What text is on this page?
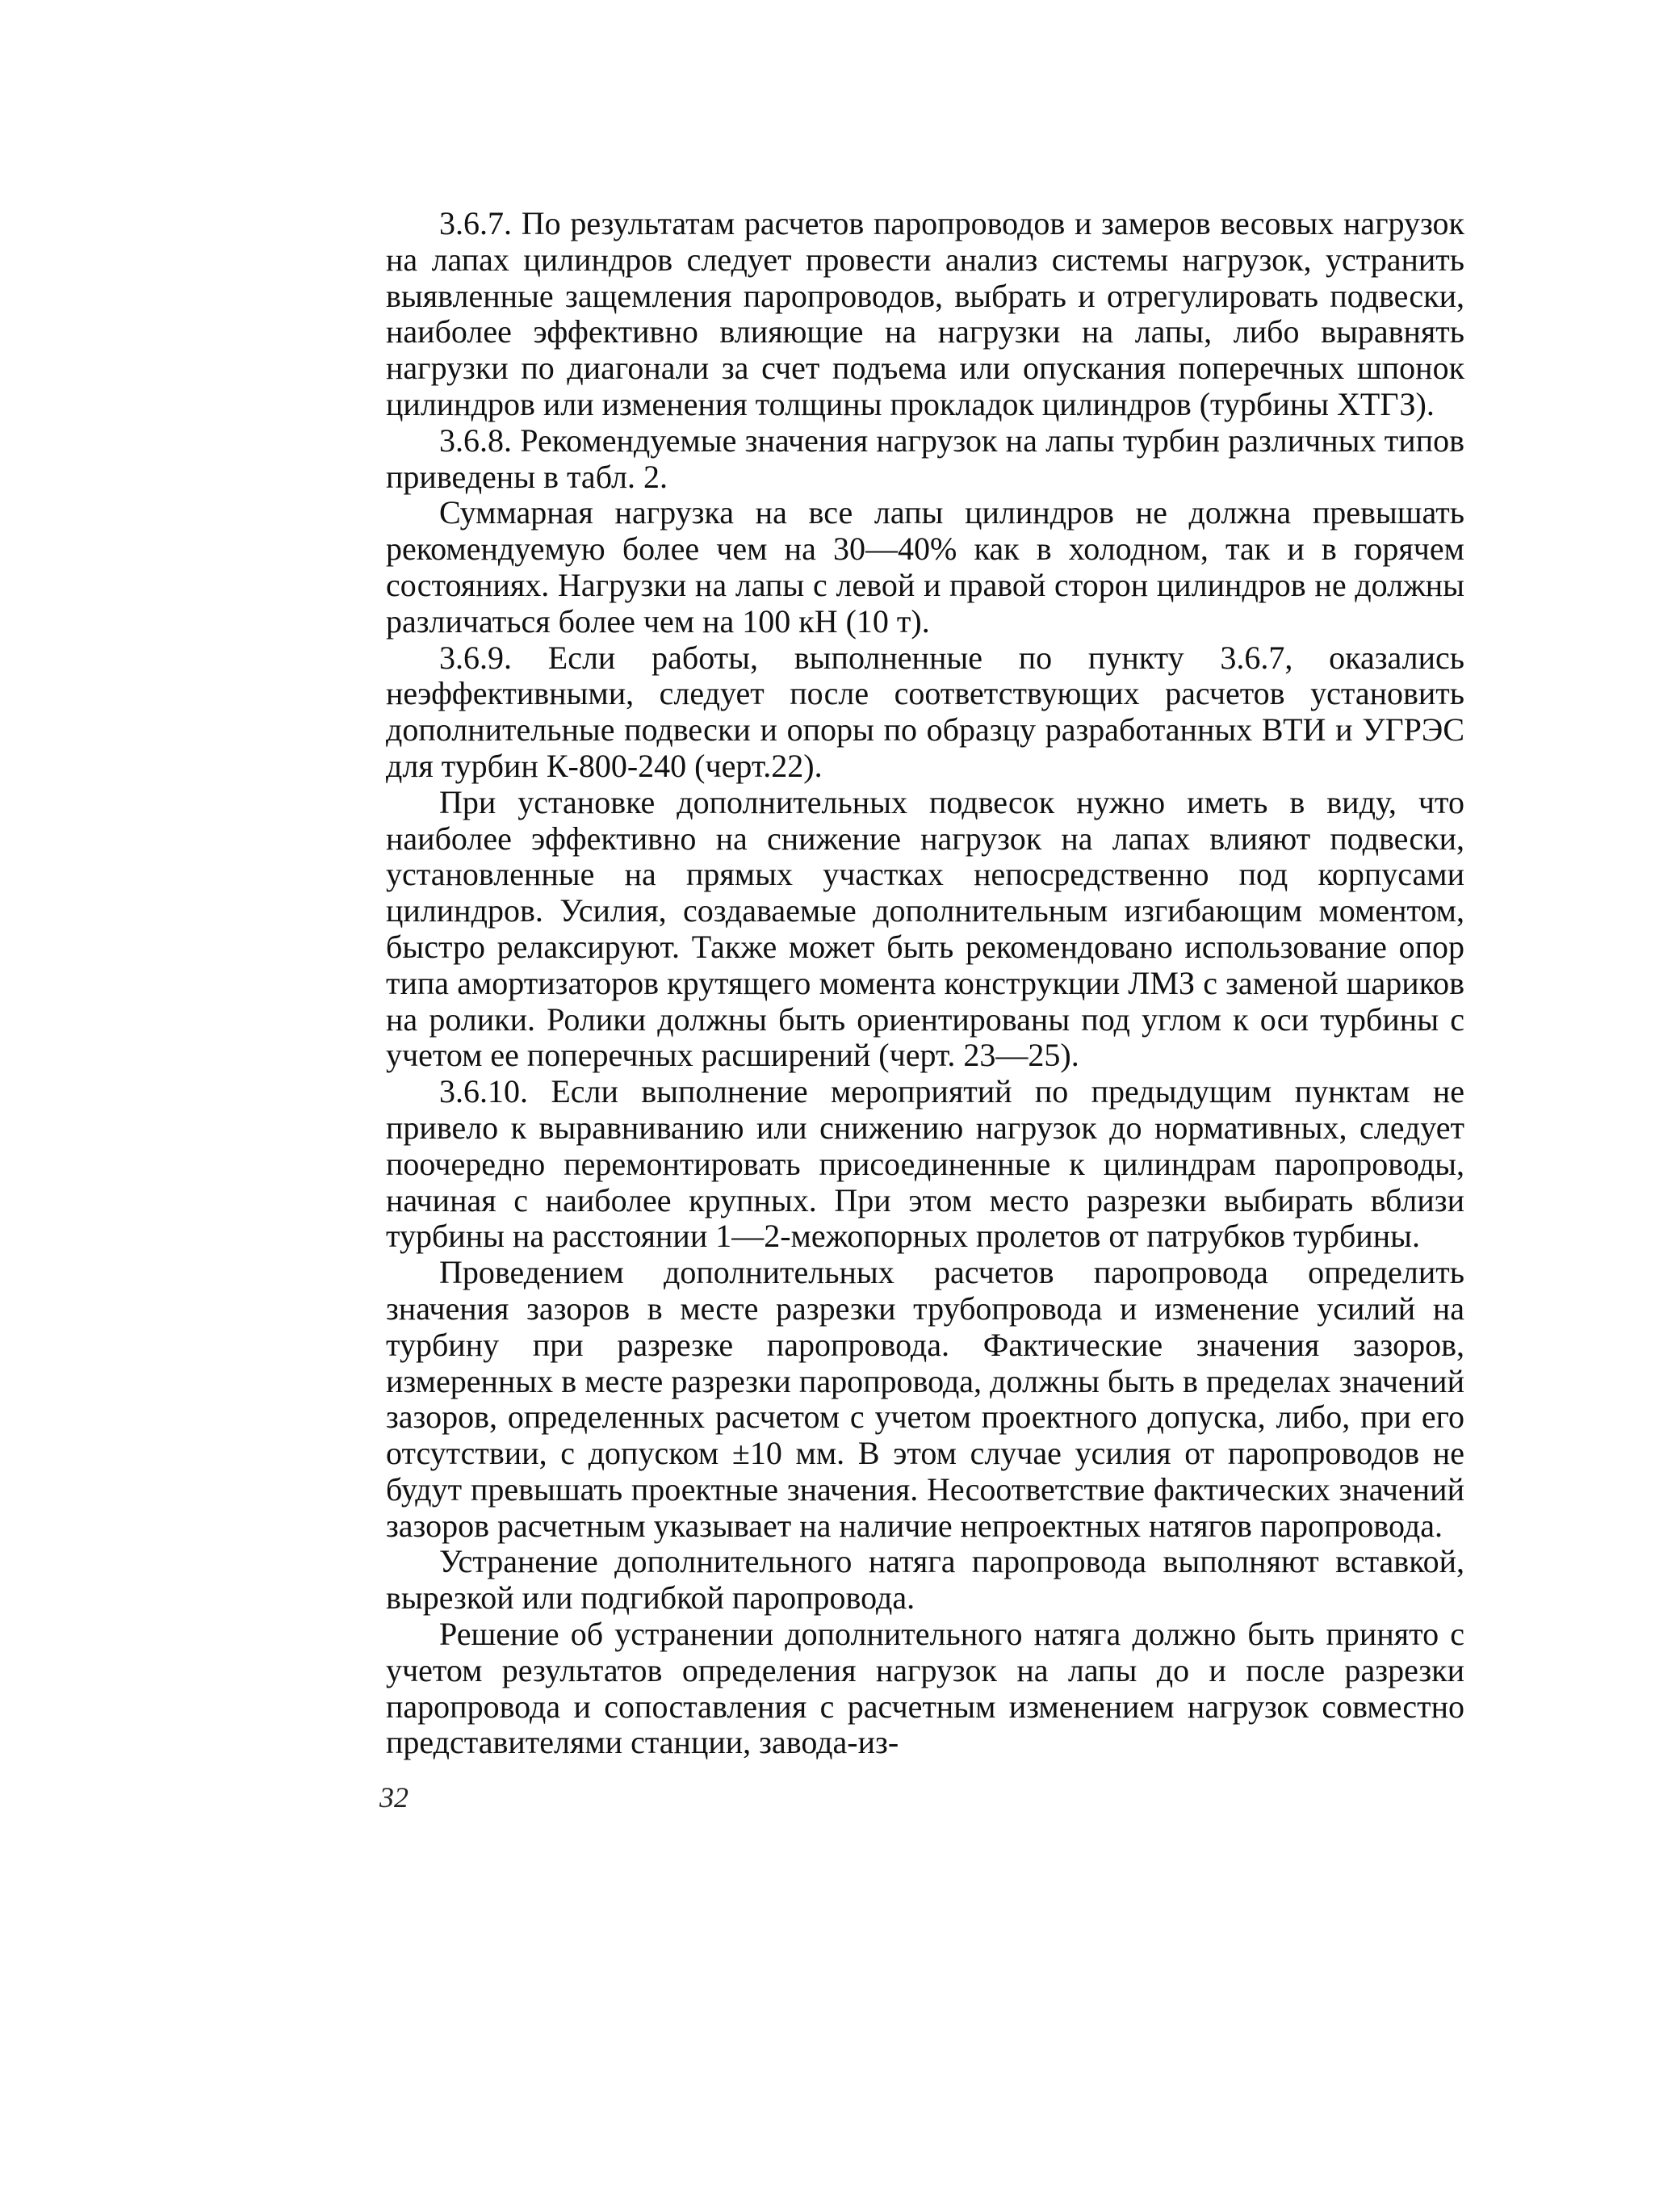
3.6.7. По результатам расчетов паропроводов и замеров весовых нагрузок на лапах цилиндров следует провести анализ системы нагрузок, устранить выявленные защемления паропроводов, выбрать и отрегулировать подвески, наиболее эффективно влияющие на нагрузки на лапы, либо выравнять нагрузки по диагонали за счет подъема или опускания поперечных шпонок цилиндров или изменения толщины прокладок цилиндров (турбины ХТГЗ).

3.6.8. Рекомендуемые значения нагрузок на лапы турбин различных типов приведены в табл. 2.

Суммарная нагрузка на все лапы цилиндров не должна превышать рекомендуемую более чем на 30—40% как в холодном, так и в горячем состояниях. Нагрузки на лапы с левой и правой сторон цилиндров не должны различаться более чем на 100 кН (10 т).

3.6.9. Если работы, выполненные по пункту 3.6.7, оказались неэффективными, следует после соответствующих расчетов установить дополнительные подвески и опоры по образцу разработанных ВТИ и УГРЭС для турбин К-800-240 (черт.22).

При установке дополнительных подвесок нужно иметь в виду, что наиболее эффективно на снижение нагрузок на лапах влияют подвески, установленные на прямых участках непосредственно под корпусами цилиндров. Усилия, создаваемые дополнительным изгибающим моментом, быстро релаксируют. Также может быть рекомендовано использование опор типа амортизаторов крутящего момента конструкции ЛМЗ с заменой шариков на ролики. Ролики должны быть ориентированы под углом к оси турбины с учетом ее поперечных расширений (черт. 23—25).

3.6.10. Если выполнение мероприятий по предыдущим пунктам не привело к выравниванию или снижению нагрузок до нормативных, следует поочередно перемонтировать присоединенные к цилиндрам паропроводы, начиная с наиболее крупных. При этом место разрезки выбирать вблизи турбины на расстоянии 1—2-межопорных пролетов от патрубков турбины.

Проведением дополнительных расчетов паропровода определить значения зазоров в месте разрезки трубопровода и изменение усилий на турбину при разрезке паропровода. Фактические значения зазоров, измеренных в месте разрезки паропровода, должны быть в пределах значений зазоров, определенных расчетом с учетом проектного допуска, либо, при его отсутствии, с допуском ±10 мм. В этом случае усилия от паропроводов не будут превышать проектные значения. Несоответствие фактических значений зазоров расчетным указывает на наличие непроектных натягов паропровода.

Устранение дополнительного натяга паропровода выполняют вставкой, вырезкой или подгибкой паропровода.

Решение об устранении дополнительного натяга должно быть принято с учетом результатов определения нагрузок на лапы до и после разрезки паропровода и сопоставления с расчетным изменением нагрузок совместно представителями станции, завода-из-

32
